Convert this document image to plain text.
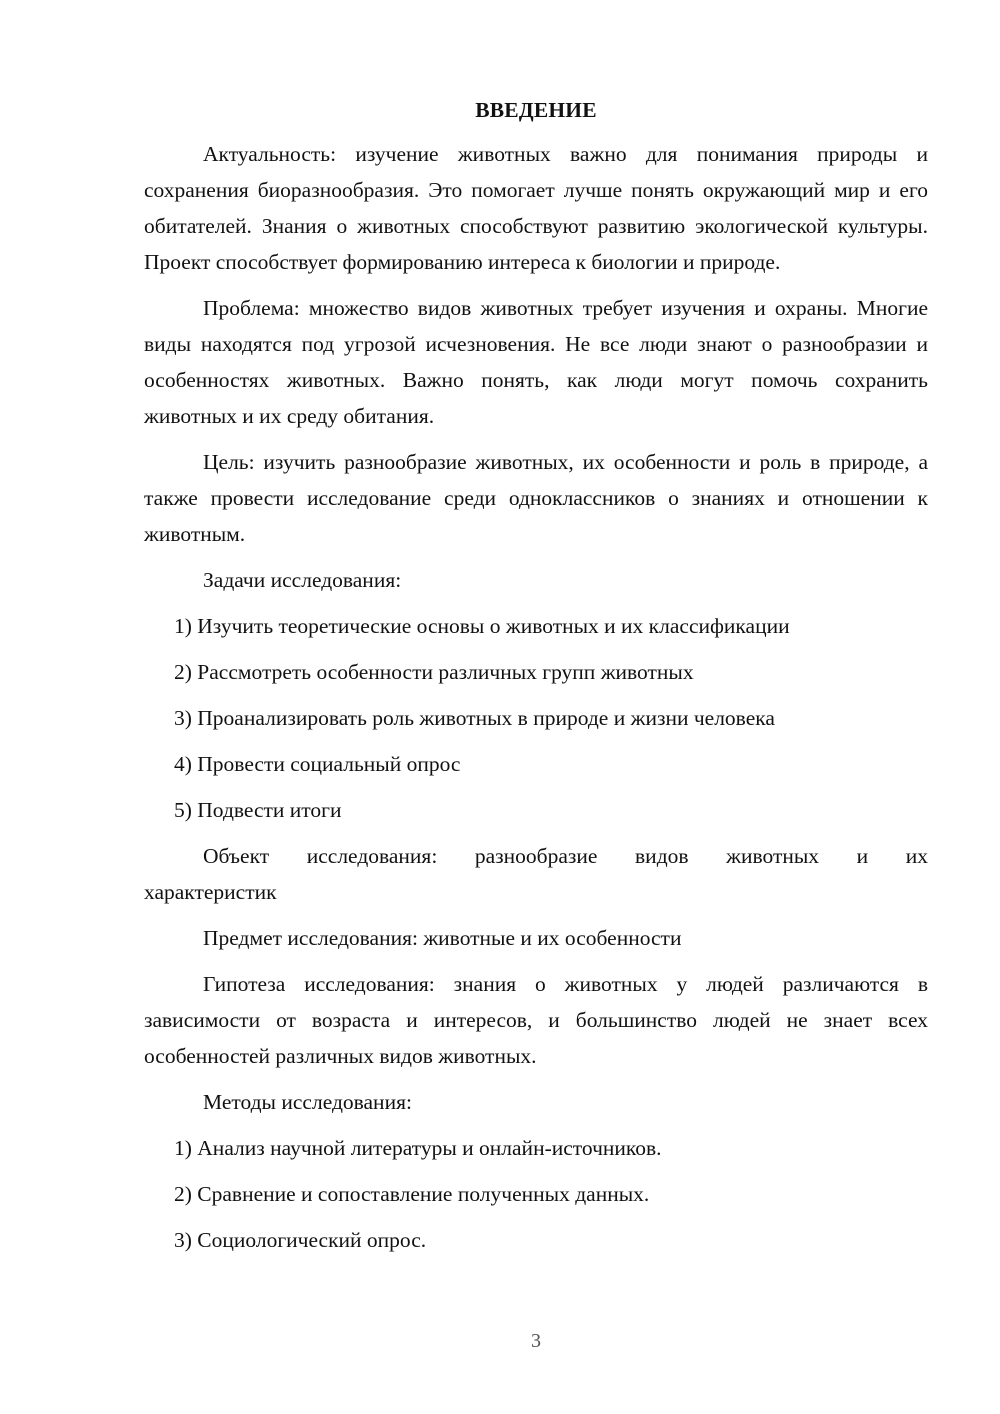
ВВЕДЕНИЕ

Актуальность: изучение животных важно для понимания природы и сохранения биоразнообразия. Это помогает лучше понять окружающий мир и его обитателей. Знания о животных способствуют развитию экологической культуры. Проект способствует формированию интереса к биологии и природе.

Проблема: множество видов животных требует изучения и охраны. Многие виды находятся под угрозой исчезновения. Не все люди знают о разнообразии и особенностях животных. Важно понять, как люди могут помочь сохранить животных и их среду обитания.

Цель: изучить разнообразие животных, их особенности и роль в природе, а также провести исследование среди одноклассников о знаниях и отношении к животным.

Задачи исследования:

1) Изучить теоретические основы о животных и их классификации
2) Рассмотреть особенности различных групп животных
3) Проанализировать роль животных в природе и жизни человека
4) Провести социальный опрос
5) Подвести итоги

Объект исследования: разнообразие видов животных и их

характеристик

Предмет исследования: животные и их особенности

Гипотеза исследования: знания о животных у людей различаются в зависимости от возраста и интересов, и большинство людей не знает всех особенностей различных видов животных.

Методы исследования:

1) Анализ научной литературы и онлайн-источников.
2) Сравнение и сопоставление полученных данных.
3) Социологический опрос.
3
